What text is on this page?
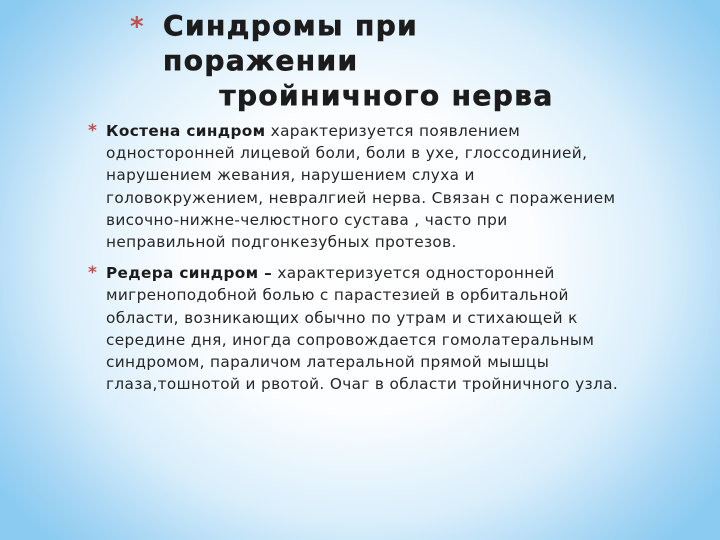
* Синдромы при поражении
тройничного нерва
* Костена синдром характеризуется появлением односторонней лицевой боли, боли в ухе, глоссодинией, нарушением жевания, нарушением слуха и головокружением, невралгией нерва. Связан с поражением височно-нижне-челюстного сустава , часто при неправильной подгонкезубных протезов.
* Редера синдром – характеризуется односторонней мигреноподобной болью с парастезией в орбитальной области, возникающих обычно по утрам и стихающей к середине дня, иногда сопровождается гомолатеральным синдромом, параличом латеральной прямой мышцы глаза,тошнотой и рвотой. Очаг в области тройничного узла.
